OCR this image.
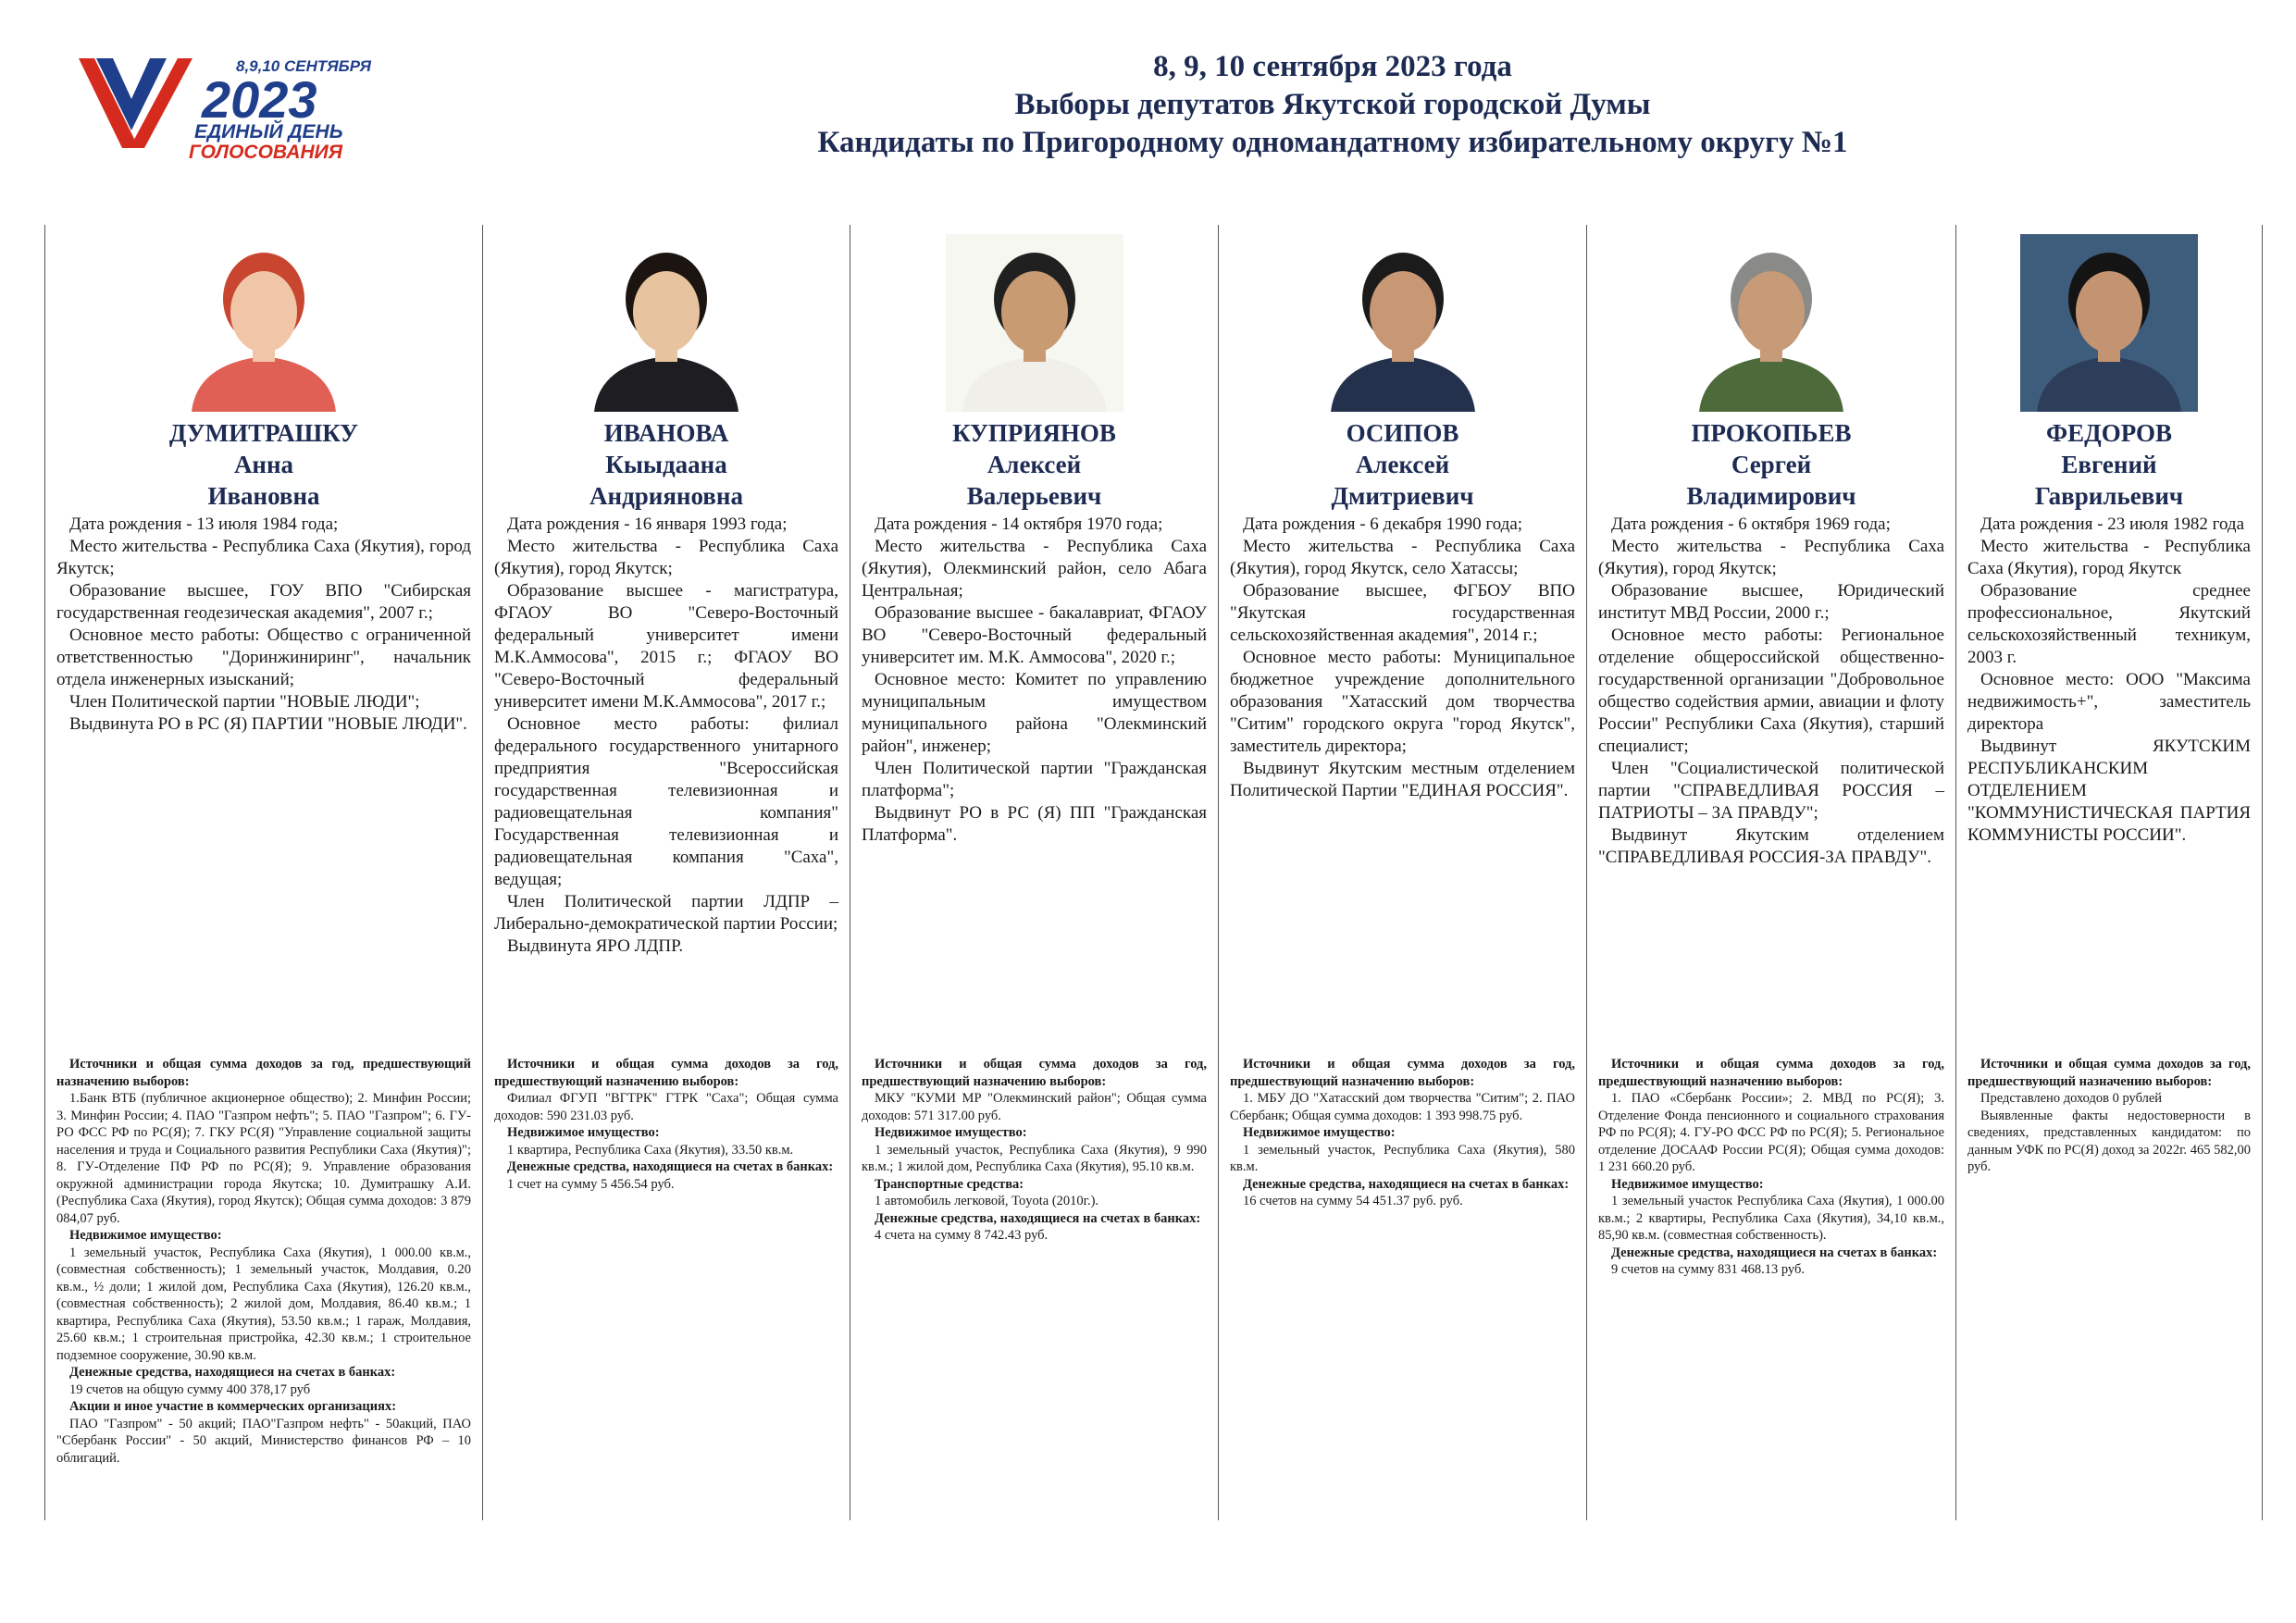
8,9,10 СЕНТЯБРЯ
2023
ЕДИНЫЙ ДЕНЬ
ГОЛОСОВАНИЯ
8, 9, 10 сентября 2023 года
Выборы депутатов Якутской городской Думы
Кандидаты по Пригородному одномандатному избирательному округу №1
ДУМИТРАШКУ
Анна
Ивановна

Дата рождения - 13 июля 1984 года;

Место жительства - Республика Саха (Якутия), город Якутск;

Образование высшее, ГОУ ВПО "Сибирская государственная геодезическая академия", 2007 г.;

Основное место работы: Общество с ограниченной ответственностью "Доринжиниринг", начальник отдела инженерных изысканий;

Член Политической партии "НОВЫЕ ЛЮДИ";

Выдвинута РО в РС (Я) ПАРТИИ "НОВЫЕ ЛЮДИ".

Источники и общая сумма доходов за год, предшествующий назначению выборов:

1.Банк ВТБ (публичное акционерное общество); 2. Минфин России; 3. Минфин России; 4. ПАО "Газпром нефть"; 5. ПАО "Газпром"; 6. ГУ-РО ФСС РФ по РС(Я); 7. ГКУ РС(Я) "Управление социальной защиты населения и труда и Социального развития Республики Саха (Якутия)"; 8. ГУ-Отделение ПФ РФ по РС(Я); 9. Управление образования окружной администрации города Якутска; 10. Думитрашку А.И. (Республика Саха (Якутия), город Якутск); Общая сумма доходов: 3 879 084,07 руб.

Недвижимое имущество:

1 земельный участок, Республика Саха (Якутия), 1 000.00 кв.м., (совместная собственность); 1 земельный участок, Молдавия, 0.20 кв.м., ½ доли; 1 жилой дом, Республика Саха (Якутия), 126.20 кв.м., (совместная собственность); 2 жилой дом, Молдавия, 86.40 кв.м.; 1 квартира, Республика Саха (Якутия), 53.50 кв.м.; 1 гараж, Молдавия, 25.60 кв.м.; 1 строительная пристройка, 42.30 кв.м.; 1 строительное подземное сооружение, 30.90 кв.м.

Денежные средства, находящиеся на счетах в банках:

19 счетов на общую сумму 400 378,17 руб

Акции и иное участие в коммерческих организациях:

ПАО "Газпром" - 50 акций; ПАО"Газпром нефть" - 50акций, ПАО "Сбербанк России" - 50 акций, Министерство финансов РФ – 10 облигаций.

ИВАНОВА
Кыыдаана
Андрияновна

Дата рождения - 16 января 1993 года;

Место жительства - Республика Саха (Якутия), город Якутск;

Образование высшее - магистратура, ФГАОУ ВО "Северо-Восточный федеральный университет имени М.К.Аммосова", 2015 г.; ФГАОУ ВО "Северо-Восточный федеральный университет имени М.К.Аммосова", 2017 г.;

Основное место работы: филиал федерального государственного унитарного предприятия "Всероссийская государственная телевизионная и радиовещательная компания" Государственная телевизионная и радиовещательная компания "Саха", ведущая;

Член Политической партии ЛДПР – Либерально-демократической партии России;

Выдвинута ЯРО ЛДПР.

Источники и общая сумма доходов за год, предшествующий назначению выборов:

Филиал ФГУП "ВГТРК" ГТРК "Саха"; Общая сумма доходов: 590 231.03 руб.

Недвижимое имущество:

1 квартира, Республика Саха (Якутия), 33.50 кв.м.

Денежные средства, находящиеся на счетах в банках:

1 счет на сумму 5 456.54 руб.

КУПРИЯНОВ
Алексей
Валерьевич

Дата рождения - 14 октября 1970 года;

Место жительства - Республика Саха (Якутия), Олекминский район, село Абага Центральная;

Образование высшее - бакалавриат, ФГАОУ ВО "Северо-Восточный федеральный университет им. М.К. Аммосова", 2020 г.;

Основное место: Комитет по управлению муниципальным имуществом муниципального района "Олекминский район", инженер;

Член Политической партии "Гражданская платформа";

Выдвинут РО в РС (Я) ПП "Гражданская Платформа".

Источники и общая сумма доходов за год, предшествующий назначению выборов:

МКУ "КУМИ МР "Олекминский район"; Общая сумма доходов: 571 317.00 руб.

Недвижимое имущество:

1 земельный участок, Республика Саха (Якутия), 9 990 кв.м.; 1 жилой дом, Республика Саха (Якутия), 95.10 кв.м.

Транспортные средства:

1 автомобиль легковой, Toyota (2010г.).

Денежные средства, находящиеся на счетах в банках:

4 счета на сумму 8 742.43 руб.

ОСИПОВ
Алексей
Дмитриевич

Дата рождения - 6 декабря 1990 года;

Место жительства - Республика Саха (Якутия), город Якутск, село Хатассы;

Образование высшее, ФГБОУ ВПО "Якутская государственная сельскохозяйственная академия", 2014 г.;

Основное место работы: Муниципальное бюджетное учреждение дополнительного образования "Хатасский дом творчества "Ситим" городского округа "город Якутск", заместитель директора;

Выдвинут Якутским местным отделением Политической Партии "ЕДИНАЯ РОССИЯ".

Источники и общая сумма доходов за год, предшествующий назначению выборов:

1. МБУ ДО "Хатасский дом творчества "Ситим"; 2. ПАО Сбербанк; Общая сумма доходов: 1 393 998.75 руб.

Недвижимое имущество:

1 земельный участок, Республика Саха (Якутия), 580 кв.м.

Денежные средства, находящиеся на счетах в банках:

16 счетов на сумму 54 451.37 руб. руб.

ПРОКОПЬЕВ
Сергей
Владимирович

Дата рождения - 6 октября 1969 года;

Место жительства - Республика Саха (Якутия), город Якутск;

Образование высшее, Юридический институт МВД России, 2000 г.;

Основное место работы: Региональное отделение общероссийской общественно-государственной организации "Добровольное общество содействия армии, авиации и флоту России" Республики Саха (Якутия), старший специалист;

Член "Социалистической политической партии "СПРАВЕДЛИВАЯ РОССИЯ – ПАТРИОТЫ – ЗА ПРАВДУ";

Выдвинут Якутским отделением "СПРАВЕДЛИВАЯ РОССИЯ-ЗА ПРАВДУ".

Источники и общая сумма доходов за год, предшествующий назначению выборов:

1. ПАО «Сбербанк России»; 2. МВД по РС(Я); 3. Отделение Фонда пенсионного и социального страхования РФ по РС(Я); 4. ГУ-РО ФСС РФ по РС(Я); 5. Региональное отделение ДОСААФ России РС(Я); Общая сумма доходов: 1 231 660.20 руб.

Недвижимое имущество:

1 земельный участок Республика Саха (Якутия), 1 000.00 кв.м.; 2 квартиры, Республика Саха (Якутия), 34,10 кв.м., 85,90 кв.м. (совместная собственность).

Денежные средства, находящиеся на счетах в банках:

9 счетов на сумму 831 468.13 руб.

ФЕДОРОВ
Евгений
Гаврильевич

Дата рождения - 23 июля 1982 года

Место жительства - Республика Саха (Якутия), город Якутск

Образование среднее профессиональное, Якутский сельскохозяйственный техникум, 2003 г.

Основное место: ООО "Максима недвижимость+", заместитель директора

Выдвинут ЯКУТСКИМ РЕСПУБЛИКАНСКИМ ОТДЕЛЕНИЕМ "КОММУНИСТИЧЕСКАЯ ПАРТИЯ КОММУНИСТЫ РОССИИ".

Источники и общая сумма доходов за год, предшествующий назначению выборов:

Представлено доходов 0 рублей

Выявленные факты недостоверности в сведениях, представленных кандидатом: по данным УФК по РС(Я) доход за 2022г. 465 582,00 руб.
